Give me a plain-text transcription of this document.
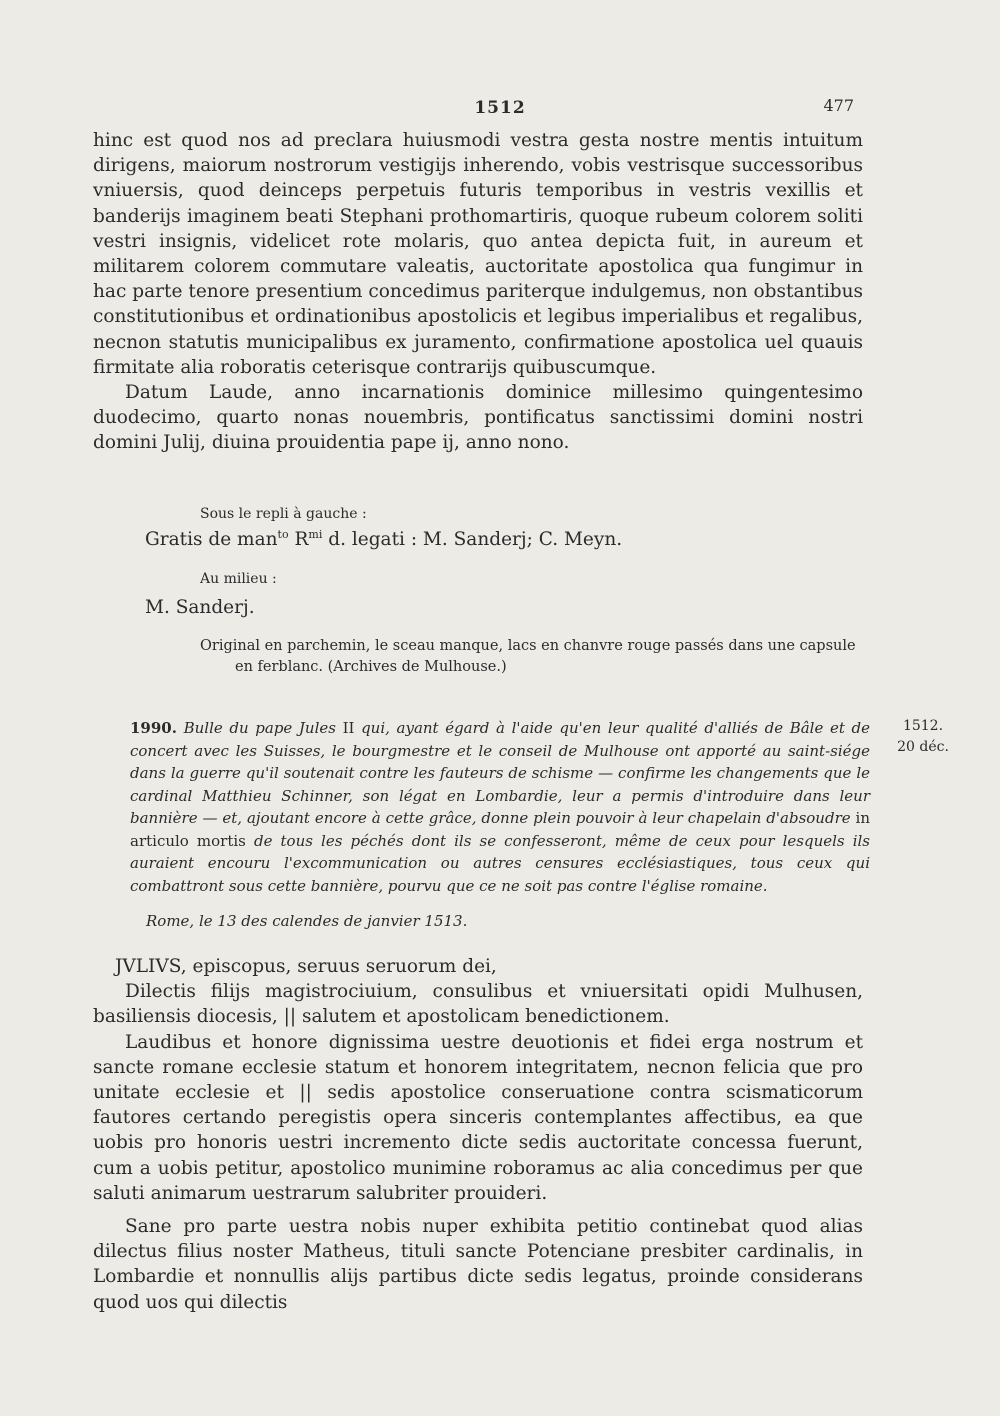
1512	477

hinc est quod nos ad preclara huiusmodi vestra gesta nostre mentis intuitum dirigens, maiorum nostrorum vestigijs inherendo, vobis vestrisque successoribus vniuersis, quod deinceps perpetuis futuris temporibus in vestris vexillis et banderijs imaginem beati Stephani prothomartiris, quoque rubeum colorem soliti vestri insignis, videlicet rote molaris, quo antea depicta fuit, in aureum et militarem colorem commutare valeatis, auctoritate apostolica qua fungimur in hac parte tenore presentium concedimus pariterque indulgemus, non obstantibus constitutionibus et ordinationibus apostolicis et legibus imperialibus et regalibus, necnon statutis municipalibus ex juramento, confirmatione apostolica uel quauis firmitate alia roboratis ceterisque contrarijs quibuscumque.

Datum Laude, anno incarnationis dominice millesimo quingentesimo duodecimo, quarto nonas nouembris, pontificatus sanctissimi domini nostri domini Julij, diuina prouidentia pape ij, anno nono.

Sous le repli à gauche :
Gratis de man$^{to}$ $R^{mi}$ d. legati : M. Sanderj; C. Meyn.
Au milieu :
M. Sanderj.
Original en parchemin, le sceau manque, lacs en chanvre rouge passés dans une capsule
en ferblanc. (Archives de Mulhouse.)
1990. Bulle du pape Jules II qui, ayant égard à l'aide qu'en leur qualité d'alliés de Bâle et de concert avec les Suisses, le bourgmestre et le conseil de Mulhouse ont apporté au saint-siége dans la guerre qu'il soutenait contre les fauteurs de schisme — confirme les changements que le cardinal Matthieu Schinner, son légat en Lombardie, leur a permis d'introduire dans leur bannière — et, ajoutant encore à cette grâce, donne plein pouvoir à leur chapelain d'absoudre in articulo mortis de tous les péchés dont ils se confesseront, même de ceux pour lesquels ils auraient encouru l'excommunication ou autres censures ecclésiastiques, tous ceux qui combattront sous cette bannière, pourvu que ce ne soit pas contre l'église romaine.
1512.
20 déc.
Rome, le 13 des calendes de janvier 1513.

JVLIVS, episcopus, seruus seruorum dei,

Dilectis filijs magistrociuium, consulibus et vniuersitati opidi Mulhusen, basiliensis diocesis, || salutem et apostolicam benedictionem.

Laudibus et honore dignissima uestre deuotionis et fidei erga nostrum et sancte romane ecclesie statum et honorem integritatem, necnon felicia que pro unitate ecclesie et || sedis apostolice conseruatione contra scismaticorum fautores certando peregistis opera sinceris contemplantes affectibus, ea que uobis pro honoris uestri incremento dicte sedis auctoritate concessa fuerunt, cum a uobis petitur, apostolico munimine roboramus ac alia concedimus per que saluti animarum uestrarum salubriter prouideri.

Sane pro parte uestra nobis nuper exhibita petitio continebat quod alias dilectus filius noster Matheus, tituli sancte Potenciane presbiter cardinalis, in Lombardie et nonnullis alijs partibus dicte sedis legatus, proinde considerans quod uos qui dilectis
